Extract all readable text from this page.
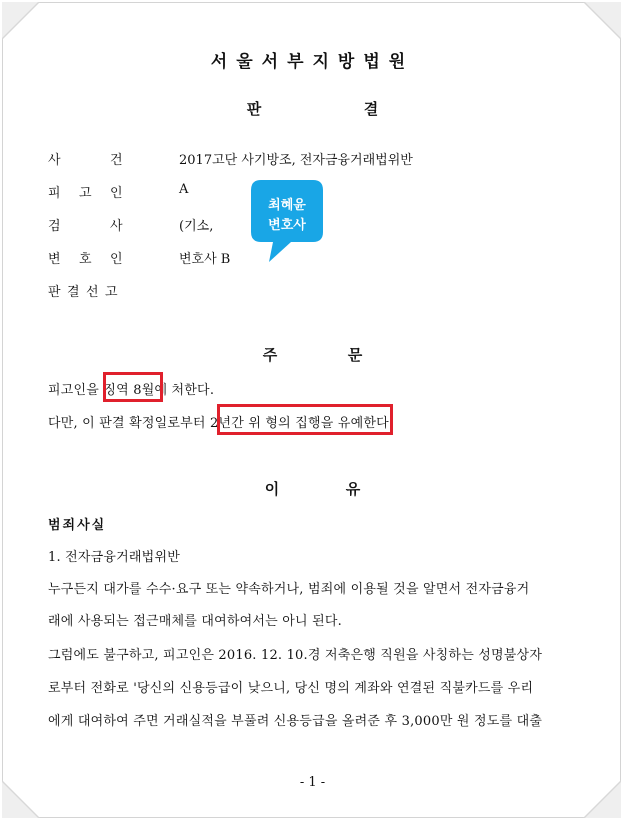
서울서부지방법원
판	결
사	건	2017고단 사기방조, 전자금융거래법위반
피 고 인	A
검	사	(기소,
변 호 인	변호사 B
판 결 선 고
최혜윤
변호사
주	문
피고인을 징역 8월에 처한다.
다만, 이 판결 확정일로부터 2년간 위 형의 집행을 유예한다.
이	유
범죄사실
1. 전자금융거래법위반
누구든지 대가를 수수·요구 또는 약속하거나, 범죄에 이용될 것을 알면서 전자금융거
래에 사용되는 접근매체를 대여하여서는 아니 된다.
그럼에도 불구하고, 피고인은 2016. 12. 10.경 저축은행 직원을 사칭하는 성명불상자
로부터 전화로 '당신의 신용등급이 낮으니, 당신 명의 계좌와 연결된 직불카드를 우리
에게 대여하여 주면 거래실적을 부풀려 신용등급을 올려준 후 3,000만 원 정도를 대출
- 1 -
